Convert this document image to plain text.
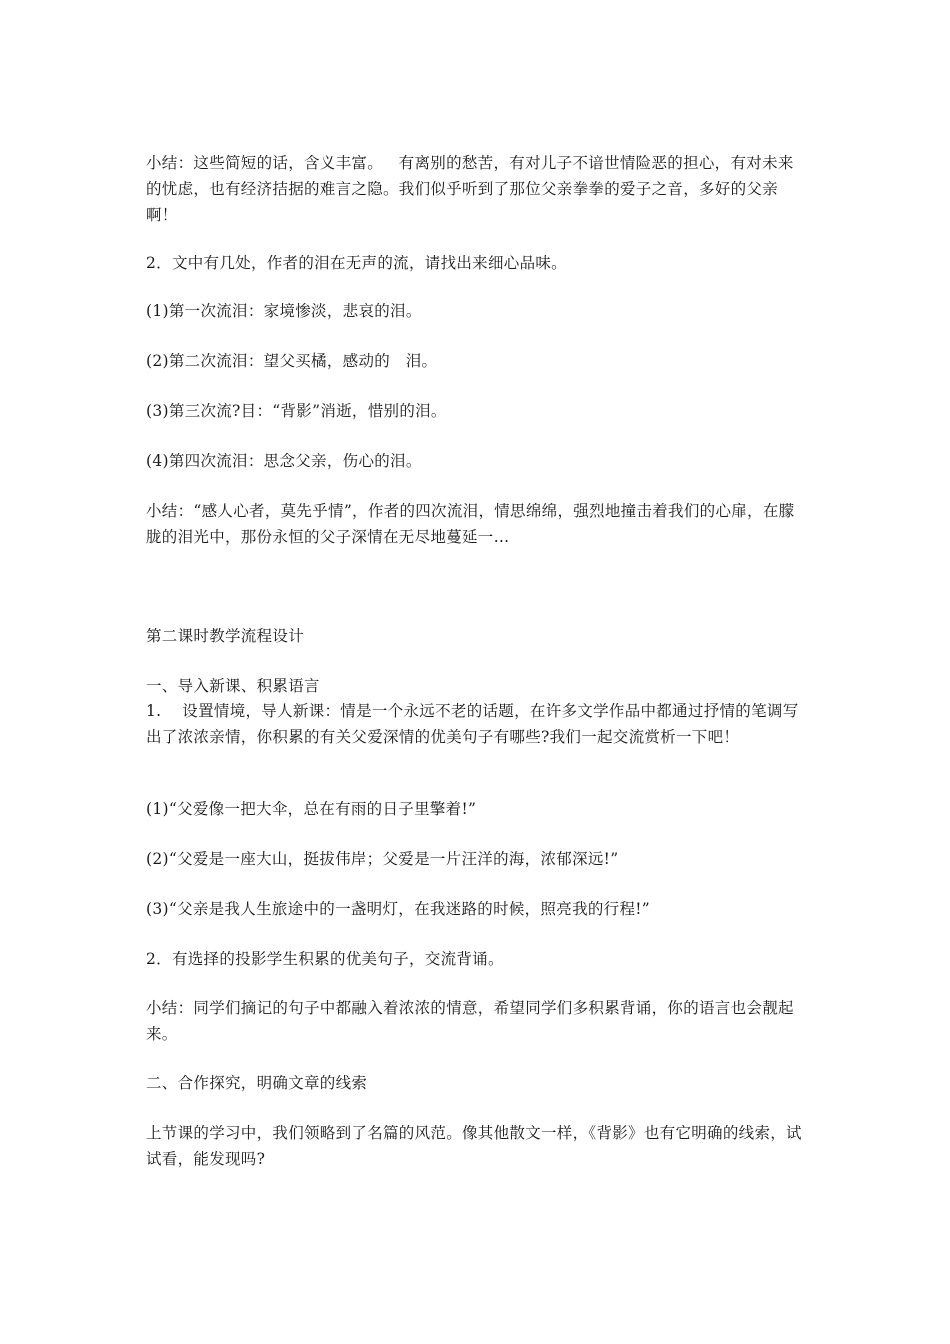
小结：这些简短的话，含义丰富。   有离别的愁苦，有对儿子不谙世情险恶的担心，有对未来的忧虑，也有经济拮据的难言之隐。我们似乎听到了那位父亲拳拳的爱子之音，多好的父亲啊！

2．文中有几处，作者的泪在无声的流，请找出来细心品味。

(1)第一次流泪：家境惨淡，悲哀的泪。

(2)第二次流泪：望父买橘，感动的   泪。

(3)第三次流?目：“背影”消逝，惜别的泪。

(4)第四次流泪：思念父亲，伤心的泪。

小结：“感人心者，莫先乎情”，作者的四次流泪，情思绵绵，强烈地撞击着我们的心扉，在朦胧的泪光中，那份永恒的父子深情在无尽地蔓延一…

第二课时教学流程设计

一、导入新课、积累语言

1.    设置情境，导人新课：情是一个永远不老的话题，在许多文学作品中都通过抒情的笔调写出了浓浓亲情，你积累的有关父爱深情的优美句子有哪些?我们一起交流赏析一下吧！

(1)“父爱像一把大伞，总在有雨的日子里擎着!”

(2)“父爱是一座大山，挺拔伟岸；父爱是一片汪洋的海，浓郁深远!”

(3)“父亲是我人生旅途中的一盏明灯，在我迷路的时候，照亮我的行程!”

2．有选择的投影学生积累的优美句子，交流背诵。

小结：同学们摘记的句子中都融入着浓浓的情意，希望同学们多积累背诵，你的语言也会靓起来。

二、合作探究，明确文章的线索

上节课的学习中，我们领略到了名篇的风范。像其他散文一样，《背影》也有它明确的线索，试试看，能发现吗?
